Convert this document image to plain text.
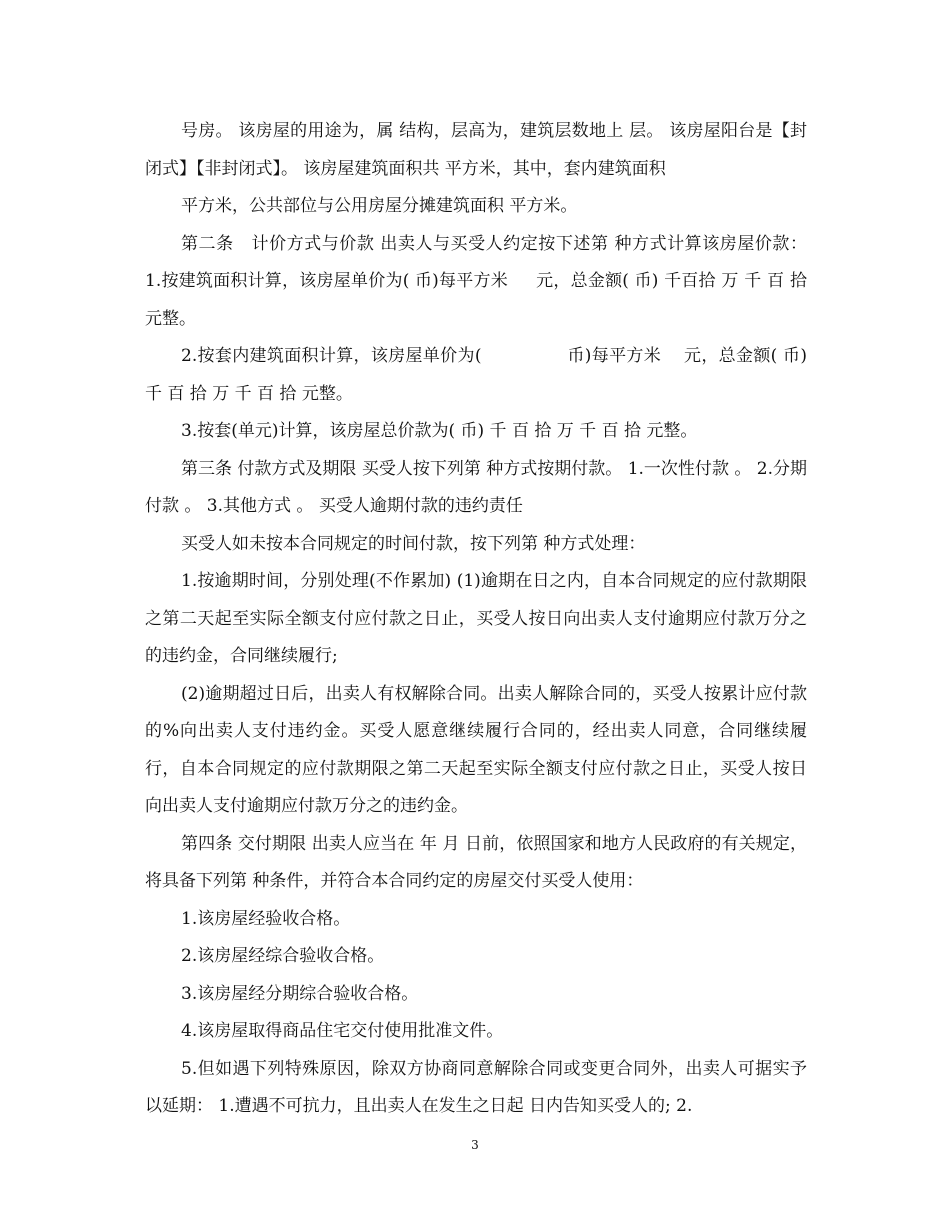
号房。 该房屋的用途为，属 结构，层高为，建筑层数地上 层。 该房屋阳台是【封闭式】【非封闭式】。 该房屋建筑面积共 平方米，其中，套内建筑面积

平方米，公共部位与公用房屋分摊建筑面积 平方米。

第二条   计价方式与价款 出卖人与买受人约定按下述第 种方式计算该房屋价款： 1.按建筑面积计算，该房屋单价为( 币)每平方米     元，总金额( 币) 千百拾 万 千 百 拾 元整。

2.按套内建筑面积计算，该房屋单价为(               币)每平方米    元，总金额( 币) 千 百 拾 万 千 百 拾 元整。

3.按套(单元)计算，该房屋总价款为( 币) 千 百 拾 万 千 百 拾 元整。

第三条 付款方式及期限 买受人按下列第 种方式按期付款。 1.一次性付款 。 2.分期付款 。 3.其他方式 。 买受人逾期付款的违约责任

买受人如未按本合同规定的时间付款，按下列第 种方式处理：

1.按逾期时间，分别处理(不作累加) (1)逾期在日之内，自本合同规定的应付款期限之第二天起至实际全额支付应付款之日止，买受人按日向出卖人支付逾期应付款万分之 的违约金，合同继续履行;

(2)逾期超过日后，出卖人有权解除合同。出卖人解除合同的，买受人按累计应付款的%向出卖人支付违约金。买受人愿意继续履行合同的，经出卖人同意，合同继续履行，自本合同规定的应付款期限之第二天起至实际全额支付应付款之日止，买受人按日向出卖人支付逾期应付款万分之的违约金。

第四条 交付期限 出卖人应当在 年 月 日前，依照国家和地方人民政府的有关规定，将具备下列第 种条件，并符合本合同约定的房屋交付买受人使用：

1.该房屋经验收合格。

2.该房屋经综合验收合格。

3.该房屋经分期综合验收合格。

4.该房屋取得商品住宅交付使用批准文件。

5.但如遇下列特殊原因，除双方协商同意解除合同或变更合同外，出卖人可据实予以延期： 1.遭遇不可抗力，且出卖人在发生之日起 日内告知买受人的; 2.

3
